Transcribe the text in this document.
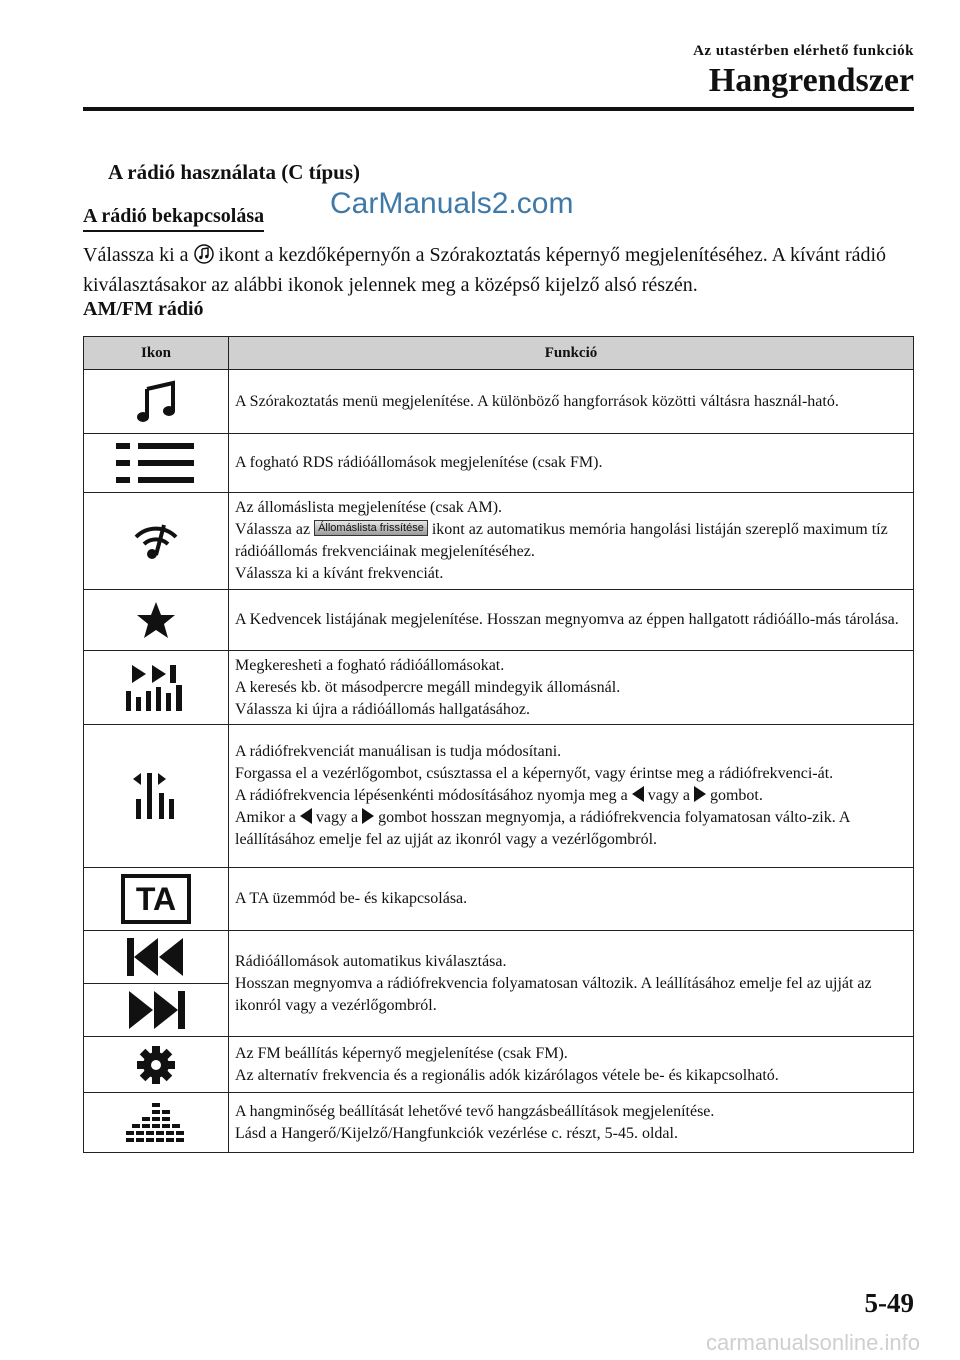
Az utastérben elérhető funkciók
Hangrendszer
A rádió használata (C típus)
A rádió bekapcsolása CarManuals2.com
Válassza ki a ikont a kezdőképernyőn a Szórakoztatás képernyő megjelenítéséhez. A kívánt rádió kiválasztásakor az alábbi ikonok jelennek meg a középső kijelző alsó részén.
AM/FM rádió
Ikon	Funkció

	A Szórakoztatás menü megjelenítése. A különböző hangforrások közötti váltásra használ-ható.

	A fogható RDS rádióállomások megjelenítése (csak FM).

Az állomáslista megjelenítése (csak AM).
Válassza az Állomáslista frissítése ikont az automatikus memória hangolási listáján szereplő maximum tíz rádióállomás frekvenciáinak megjelenítéséhez.
Válassza ki a kívánt frekvenciát.

	A Kedvencek listájának megjelenítése. Hosszan megnyomva az éppen hallgatott rádióállo-más tárolása.

Megkeresheti a fogható rádióállomásokat.
A keresés kb. öt másodpercre megáll mindegyik állomásnál.
Válassza ki újra a rádióállomás hallgatásához.

A rádiófrekvenciát manuálisan is tudja módosítani.
Forgassa el a vezérlőgombot, csúsztassa el a képernyőt, vagy érintse meg a rádiófrekvenci-át.
A rádiófrekvencia lépésenkénti módosításához nyomja meg a vagy a gombot.
Amikor a vagy a gombot hosszan megnyomja, a rádiófrekvencia folyamatosan válto-zik. A leállításához emelje fel az ujját az ikonról vagy a vezérlőgombról.

TA	A TA üzemmód be- és kikapcsolása.

Rádióállomások automatikus kiválasztása.
Hosszan megnyomva a rádiófrekvencia folyamatosan változik. A leállításához emelje fel az ujját az ikonról vagy a vezérlőgombról.

Az FM beállítás képernyő megjelenítése (csak FM).
Az alternatív frekvencia és a regionális adók kizárólagos vétele be- és kikapcsolható.

A hangminőség beállítását lehetővé tevő hangzásbeállítások megjelenítése.
Lásd a Hangerő/Kijelző/Hangfunkciók vezérlése c. részt, 5-45. oldal.
5-49
carmanualsonline.info
